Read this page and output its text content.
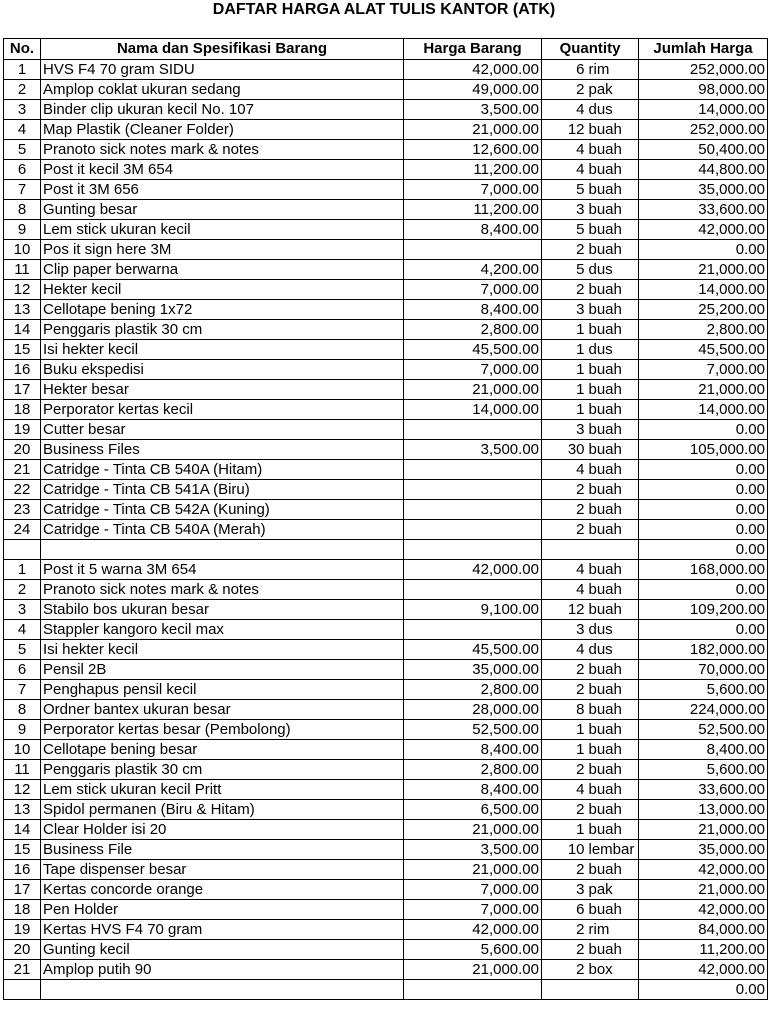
DAFTAR HARGA ALAT TULIS KANTOR (ATK)
No.	Nama dan Spesifikasi Barang	Harga Barang	Quantity		Jumlah Harga
1	HVS F4 70 gram SIDU	42,000.00	6	rim	252,000.00
2	Amplop coklat ukuran sedang	49,000.00	2	pak	98,000.00
3	Binder clip ukuran kecil No. 107	3,500.00	4	dus	14,000.00
4	Map Plastik (Cleaner Folder)	21,000.00	12	buah	252,000.00
5	Pranoto sick notes mark & notes	12,600.00	4	buah	50,400.00
6	Post it kecil 3M 654	11,200.00	4	buah	44,800.00
7	Post it 3M 656	7,000.00	5	buah	35,000.00
8	Gunting besar	11,200.00	3	buah	33,600.00
9	Lem stick ukuran kecil	8,400.00	5	buah	42,000.00
10	Pos it sign here 3M		2	buah	0.00
11	Clip paper berwarna	4,200.00	5	dus	21,000.00
12	Hekter kecil	7,000.00	2	buah	14,000.00
13	Cellotape bening 1x72	8,400.00	3	buah	25,200.00
14	Penggaris plastik 30 cm	2,800.00	1	buah	2,800.00
15	Isi hekter kecil	45,500.00	1	dus	45,500.00
16	Buku ekspedisi	7,000.00	1	buah	7,000.00
17	Hekter besar	21,000.00	1	buah	21,000.00
18	Perporator kertas kecil	14,000.00	1	buah	14,000.00
19	Cutter besar		3	buah	0.00
20	Business Files	3,500.00	30	buah	105,000.00
21	Catridge - Tinta CB 540A (Hitam)		4	buah	0.00
22	Catridge - Tinta CB 541A (Biru)		2	buah	0.00
23	Catridge - Tinta CB 542A (Kuning)		2	buah	0.00
24	Catridge - Tinta CB 540A (Merah)		2	buah	0.00
					0.00
1	Post it 5 warna 3M 654	42,000.00	4	buah	168,000.00
2	Pranoto sick notes mark & notes		4	buah	0.00
3	Stabilo bos ukuran besar	9,100.00	12	buah	109,200.00
4	Stappler kangoro kecil max		3	dus	0.00
5	Isi hekter kecil	45,500.00	4	dus	182,000.00
6	Pensil 2B	35,000.00	2	buah	70,000.00
7	Penghapus pensil kecil	2,800.00	2	buah	5,600.00
8	Ordner bantex ukuran besar	28,000.00	8	buah	224,000.00
9	Perporator kertas besar (Pembolong)	52,500.00	1	buah	52,500.00
10	Cellotape bening besar	8,400.00	1	buah	8,400.00
11	Penggaris plastik 30 cm	2,800.00	2	buah	5,600.00
12	Lem stick ukuran kecil Pritt	8,400.00	4	buah	33,600.00
13	Spidol permanen (Biru & Hitam)	6,500.00	2	buah	13,000.00
14	Clear Holder isi 20	21,000.00	1	buah	21,000.00
15	Business File	3,500.00	10	lembar	35,000.00
16	Tape dispenser besar	21,000.00	2	buah	42,000.00
17	Kertas concorde orange	7,000.00	3	pak	21,000.00
18	Pen Holder	7,000.00	6	buah	42,000.00
19	Kertas HVS F4 70 gram	42,000.00	2	rim	84,000.00
20	Gunting kecil	5,600.00	2	buah	11,200.00
21	Amplop putih 90	21,000.00	2	box	42,000.00
					0.00
